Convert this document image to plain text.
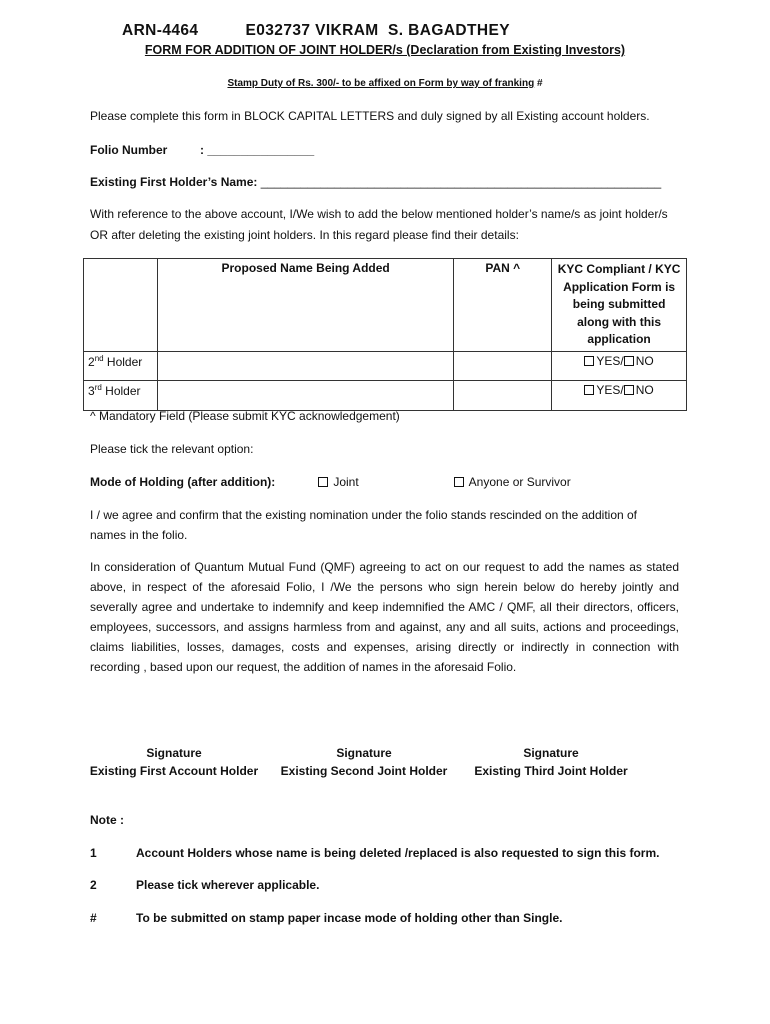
ARN-4464	E032737 VIKRAM  S. BAGADTHEY
FORM FOR ADDITION OF JOINT HOLDER/s (Declaration from Existing Investors)
Stamp Duty of Rs. 300/- to be affixed on Form by way of franking #
Please complete this form in BLOCK CAPITAL LETTERS and duly signed by all Existing account holders.
Folio Number	: ________________
Existing First Holder’s Name: ____________________________________________________________
With reference to the above account, I/We wish to add the below mentioned holder’s name/s as joint holder/s OR after deleting the existing joint holders. In this regard please find their details:
	Proposed Name Being Added	PAN ^	KYC Compliant / KYC Application Form is being submitted along with this application
2nd Holder			YES/ NO
3rd Holder			YES/ NO
^ Mandatory Field (Please submit KYC acknowledgement)
Please tick the relevant option:
Mode of Holding (after addition):	Joint	Anyone or Survivor
I / we agree and confirm that the existing nomination under the folio stands rescinded on the addition of names in the folio.
In consideration of Quantum Mutual Fund (QMF) agreeing to act on our request to add the names as stated above, in respect of the aforesaid Folio, I /We the persons who sign herein below do hereby jointly and severally agree and undertake to indemnify and keep indemnified the AMC / QMF, all their directors, officers, employees, successors, and assigns harmless from and against, any and all suits, actions and proceedings, claims liabilities, losses, damages, costs and expenses, arising directly or indirectly in connection with recording , based upon our request, the addition of names in the aforesaid Folio.
Signature
Existing First Account Holder
Signature
Existing Second Joint Holder
Signature
Existing Third Joint Holder
Note :
1	Account Holders whose name is being deleted /replaced is also requested to sign this form.
2	Please tick wherever applicable.
#	To be submitted on stamp paper incase mode of holding other than Single.
